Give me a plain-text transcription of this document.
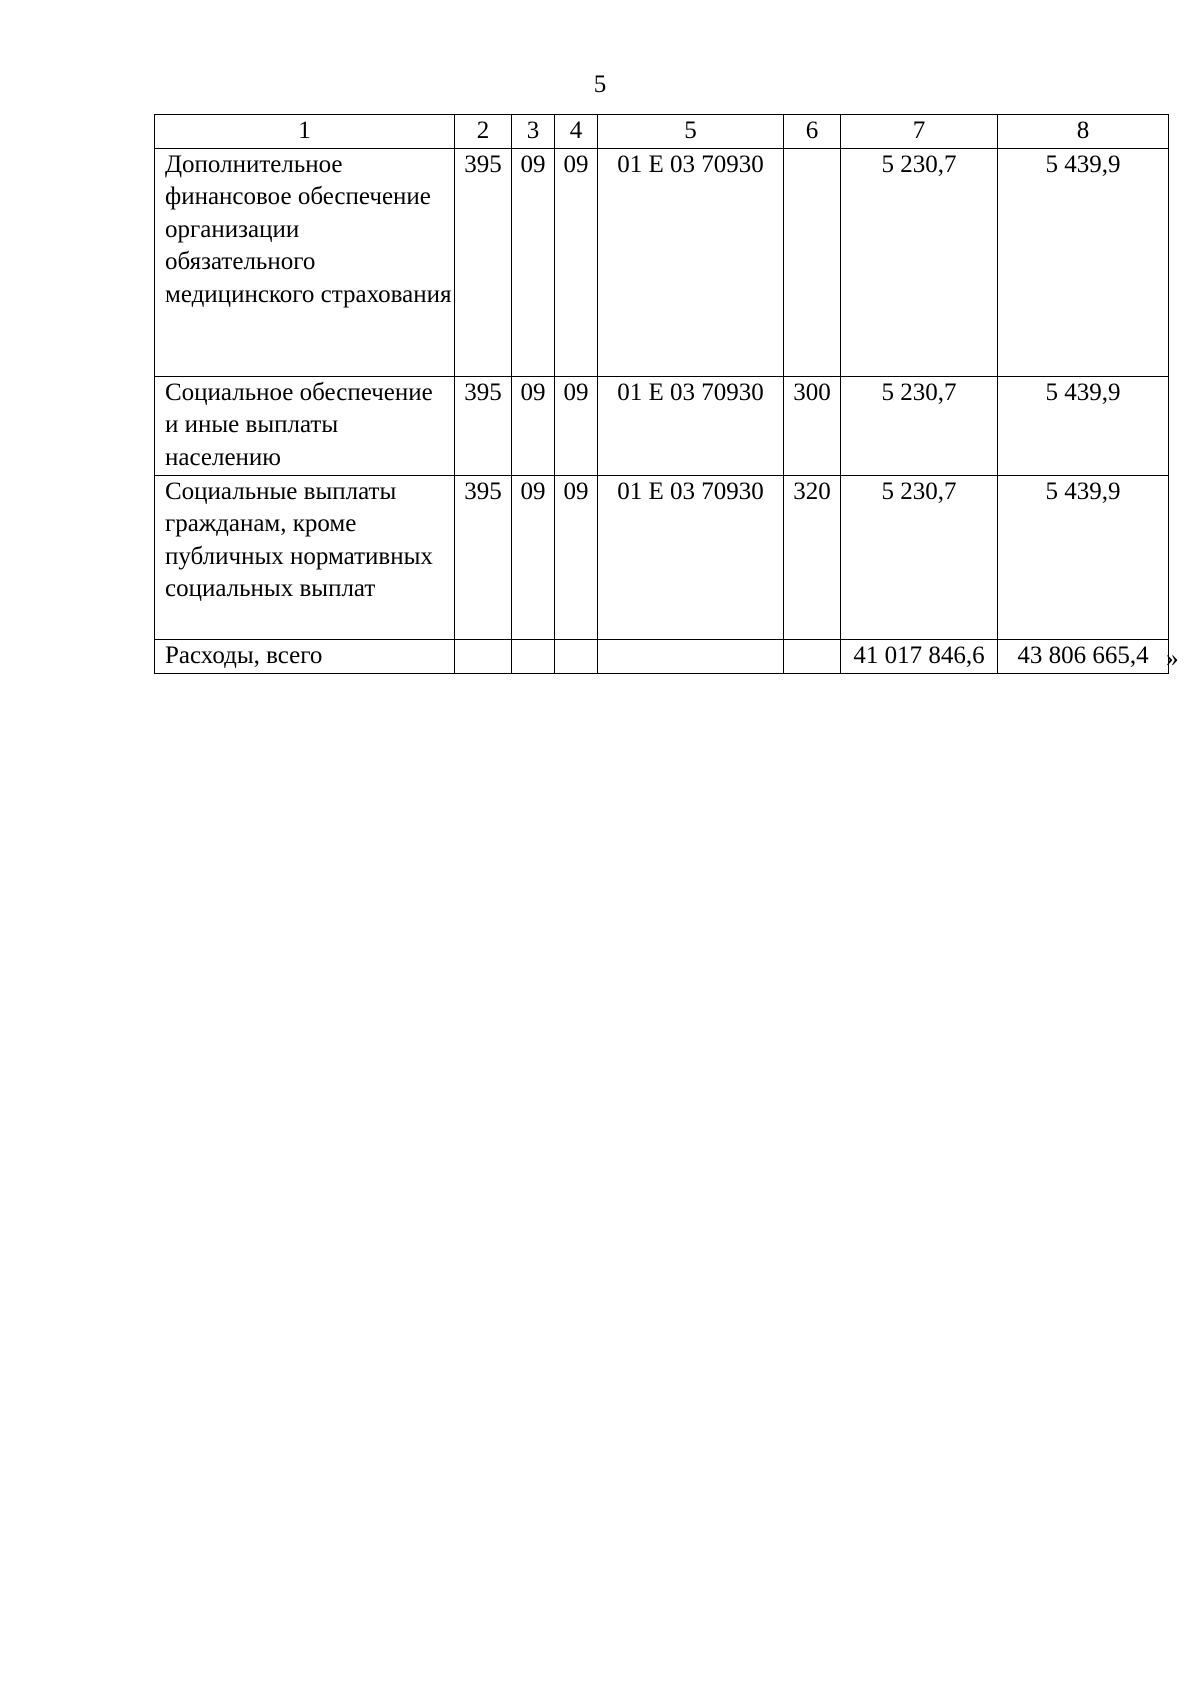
5
1	2	3	4	5	6	7	8
Дополнительное финансовое обеспечение организации обязательного медицинского страхования	395	09	09	01 Е 03 70930		5 230,7	5 439,9
Социальное обеспечение и иные выплаты населению	395	09	09	01 Е 03 70930	300	5 230,7	5 439,9
Социальные выплаты гражданам, кроме публичных нормативных социальных выплат	395	09	09	01 Е 03 70930	320	5 230,7	5 439,9
Расходы, всего						41 017 846,6	43 806 665,4 »
